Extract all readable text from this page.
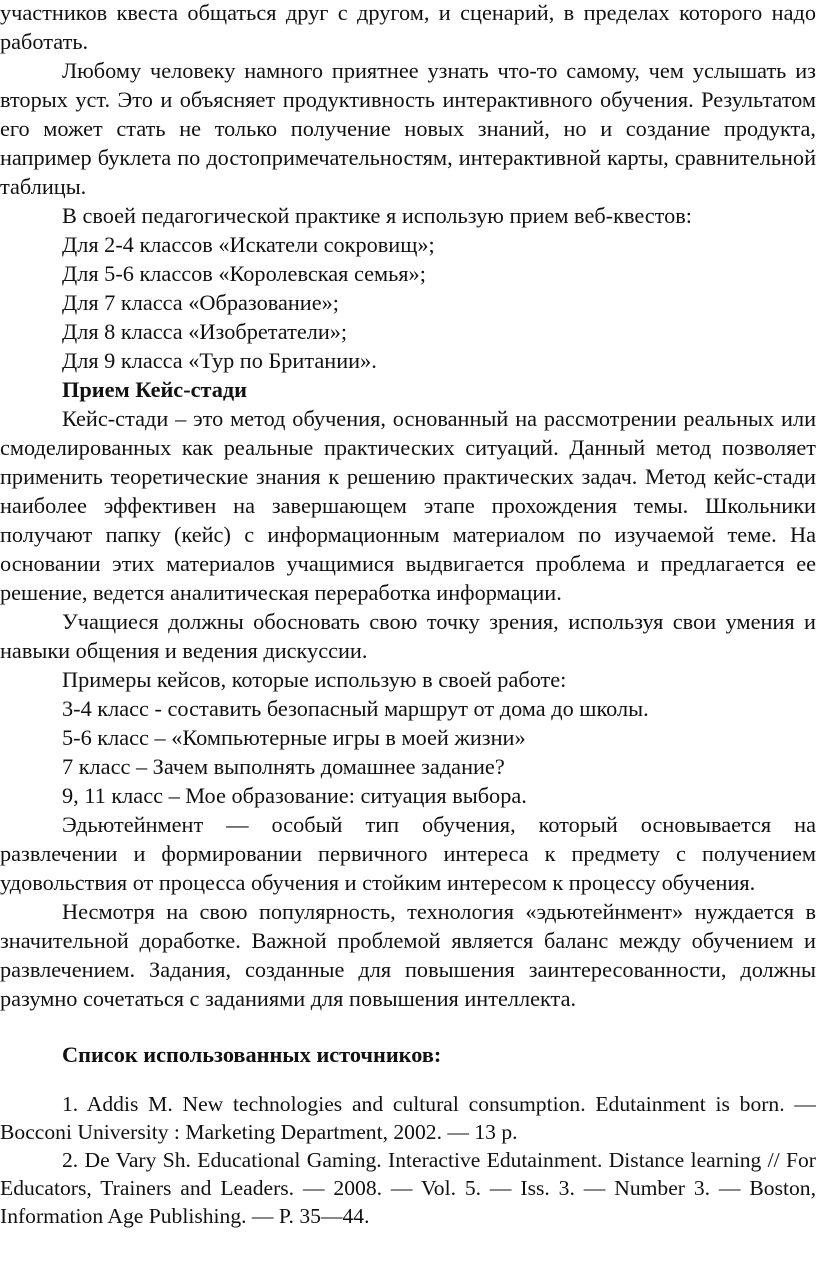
участников квеста общаться друг с другом, и сценарий, в пределах которого надо работать.

Любому человеку намного приятнее узнать что-то самому, чем услышать из вторых уст. Это и объясняет продуктивность интерактивного обучения. Результатом его может стать не только получение новых знаний, но и создание продукта, например буклета по достопримечательностям, интерактивной карты, сравнительной таблицы.

В своей педагогической практике я использую прием веб-квестов:

Для 2-4 классов «Искатели сокровищ»;

Для 5-6 классов «Королевская семья»;

Для 7 класса «Образование»;

Для 8 класса «Изобретатели»;

Для 9 класса «Тур по Британии».

Прием Кейс-стади

Кейс-стади – это метод обучения, основанный на рассмотрении реальных или смоделированных как реальные практических ситуаций. Данный метод позволяет применить теоретические знания к решению практических задач. Метод кейс-стади наиболее эффективен на завершающем этапе прохождения темы. Школьники получают папку (кейс) с информационным материалом по изучаемой теме. На основании этих материалов учащимися выдвигается проблема и предлагается ее решение, ведется аналитическая переработка информации.

Учащиеся должны обосновать свою точку зрения, используя свои умения и навыки общения и ведения дискуссии.

Примеры кейсов, которые использую в своей работе:

3-4 класс - составить безопасный маршрут от дома до школы.

5-6 класс – «Компьютерные игры в моей жизни»

7 класс – Зачем выполнять домашнее задание?

9, 11 класс – Мое образование: ситуация выбора.

Эдьютейнмент — особый тип обучения, который основывается на развлечении и формировании первичного интереса к предмету с получением удовольствия от процесса обучения и стойким интересом к процессу обучения.

Несмотря на свою популярность, технология «эдьютейнмент» нуждается в значительной доработке. Важной проблемой является баланс между обучением и развлечением. Задания, созданные для повышения заинтересованности, должны разумно сочетаться с заданиями для повышения интеллекта.

Список использованных источников:

1. Addis M. New technologies and cultural consumption. Edutainment is born. — Bocconi University : Marketing Department, 2002. — 13 p.

2. De Vary Sh. Educational Gaming. Interactive Edutainment. Distance learning // For Educators, Trainers and Leaders. — 2008. — Vol. 5. — Iss. 3. — Number 3. — Boston, Information Age Publishing. — P. 35—44.
